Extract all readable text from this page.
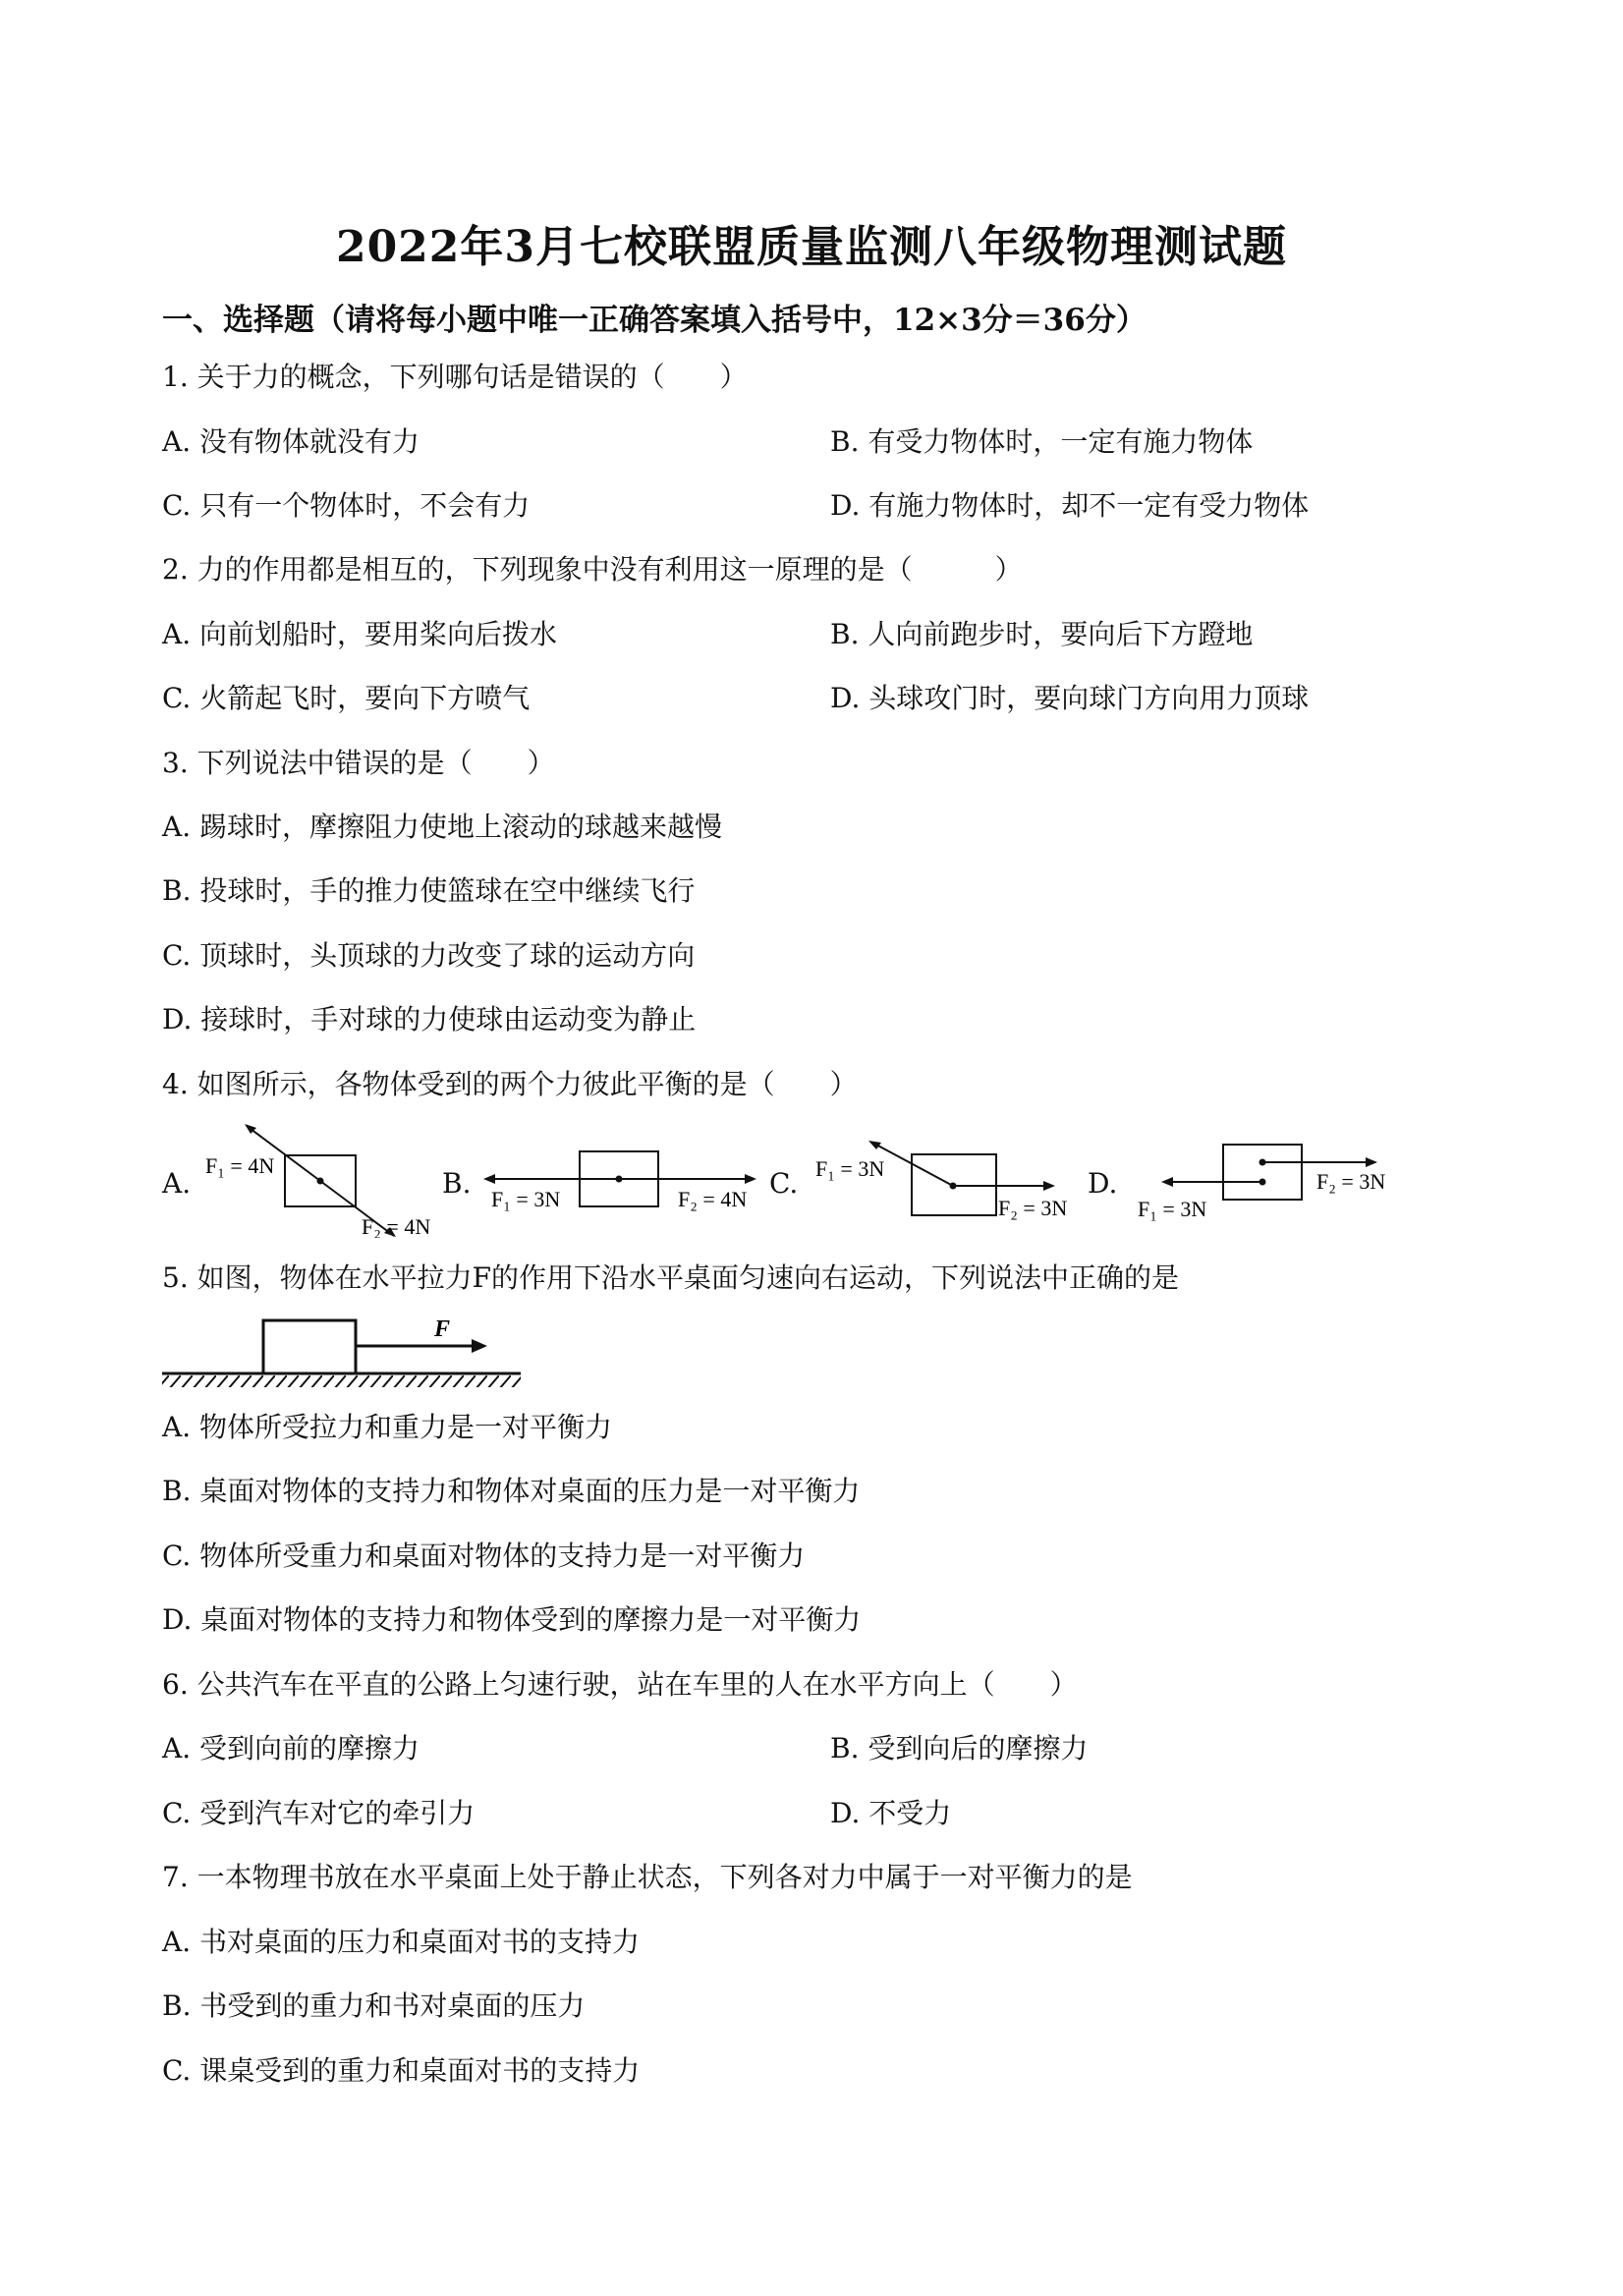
2022年3月七校联盟质量监测八年级物理测试题
一、选择题（请将每小题中唯一正确答案填入括号中，12×3分＝36分）
1. 关于力的概念，下列哪句话是错误的（　　）
A. 没有物体就没有力	B. 有受力物体时，一定有施力物体
C. 只有一个物体时，不会有力	D. 有施力物体时，却不一定有受力物体
2. 力的作用都是相互的，下列现象中没有利用这一原理的是（　　　）
A. 向前划船时，要用桨向后拨水	B. 人向前跑步时，要向后下方蹬地
C. 火箭起飞时，要向下方喷气	D. 头球攻门时，要向球门方向用力顶球
3. 下列说法中错误的是（　　）
A. 踢球时，摩擦阻力使地上滚动的球越来越慢
B. 投球时，手的推力使篮球在空中继续飞行
C. 顶球时，头顶球的力改变了球的运动方向
D. 接球时，手对球的力使球由运动变为静止
4. 如图所示，各物体受到的两个力彼此平衡的是（　　）
A.
F₁ = 4N
F₂ = 4N
B. F₁ = 3N	F₂ = 4N C. F₁ = 3N
F₂ = 3N
D.	F₂ = 3N
F₁ = 3N
5. 如图，物体在水平拉力F的作用下沿水平桌面匀速向右运动，下列说法中正确的是
F
A. 物体所受拉力和重力是一对平衡力
B. 桌面对物体的支持力和物体对桌面的压力是一对平衡力
C. 物体所受重力和桌面对物体的支持力是一对平衡力
D. 桌面对物体的支持力和物体受到的摩擦力是一对平衡力
6. 公共汽车在平直的公路上匀速行驶，站在车里的人在水平方向上（　　）
A. 受到向前的摩擦力	B. 受到向后的摩擦力
C. 受到汽车对它的牵引力	D. 不受力
7. 一本物理书放在水平桌面上处于静止状态，下列各对力中属于一对平衡力的是
A. 书对桌面的压力和桌面对书的支持力
B. 书受到的重力和书对桌面的压力
C. 课桌受到的重力和桌面对书的支持力
